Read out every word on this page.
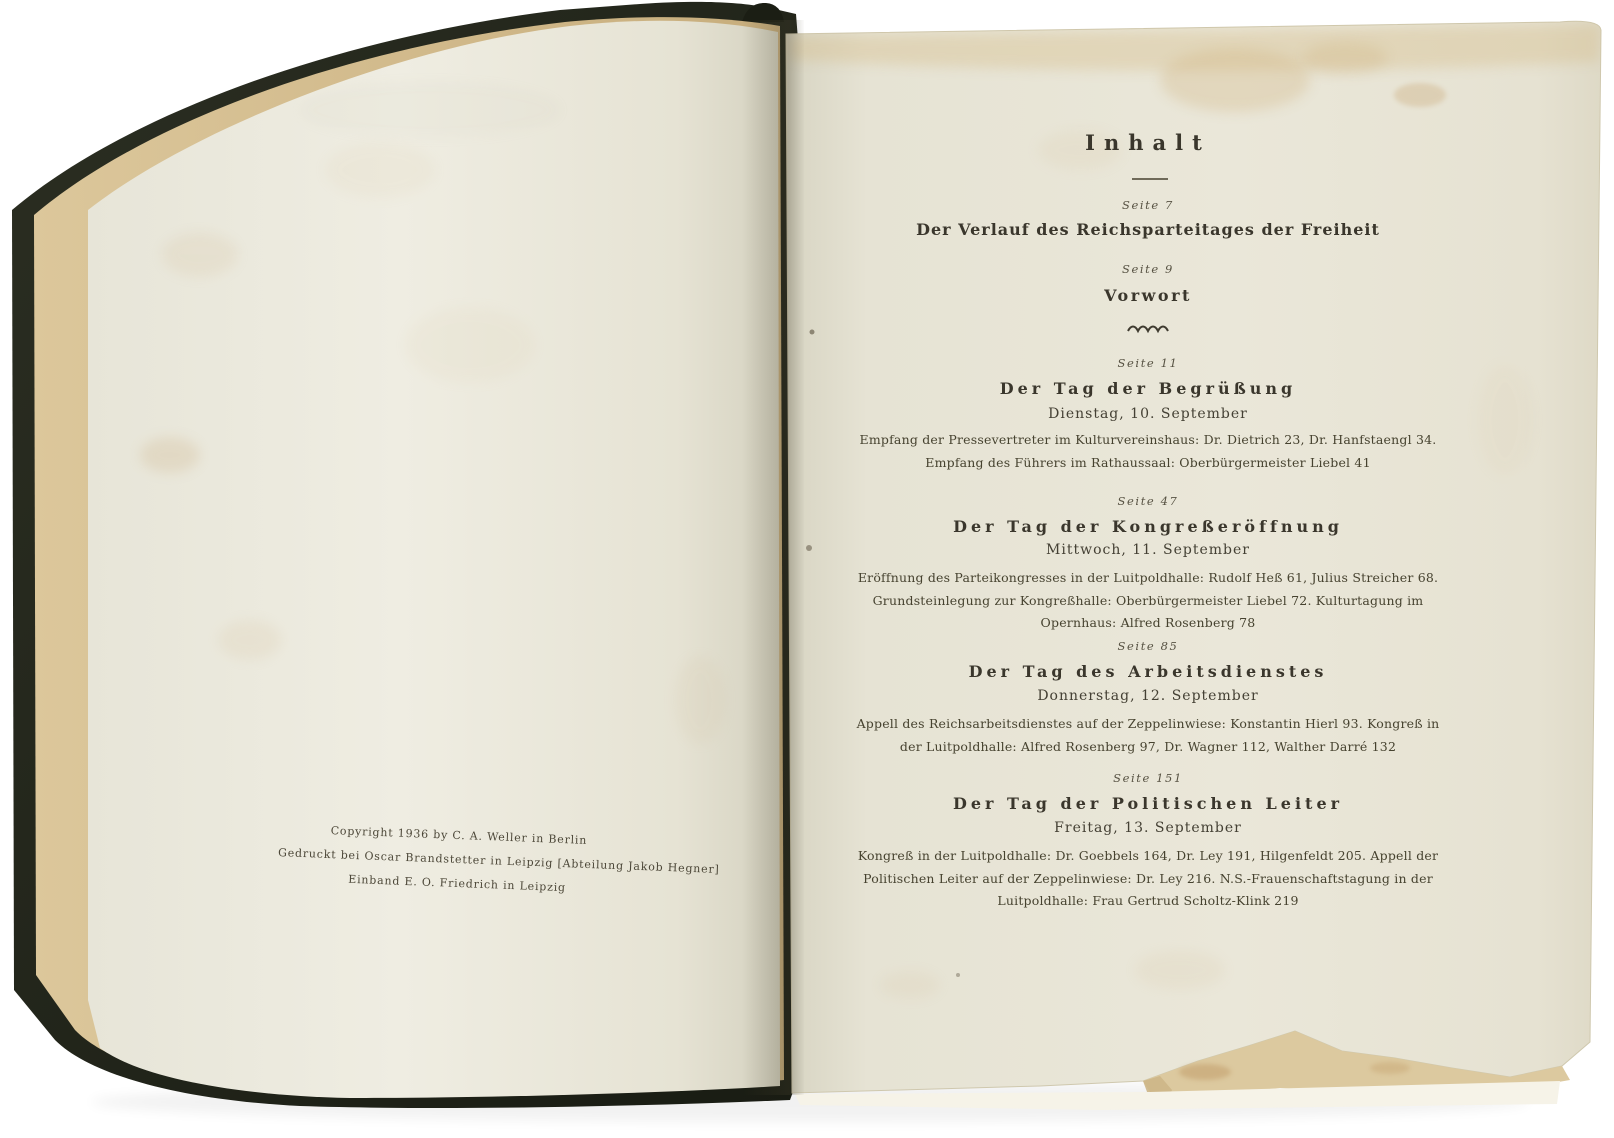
Copyright 1936 by C. A. Weller in Berlin
Gedruckt bei Oscar Brandstetter in Leipzig [Abteilung Jakob Hegner]
Einband E. O. Friedrich in Leipzig
Inhalt
Seite 7
Der Verlauf des Reichsparteitages der Freiheit
Seite 9
Vorwort
Seite 11
Der Tag der Begrüßung
Dienstag, 10. September
Empfang der Pressevertreter im Kulturvereinshaus: Dr. Dietrich 23, Dr. Hanfstaengl 34. Empfang des Führers im Rathaussaal: Oberbürgermeister Liebel 41
Seite 47
Der Tag der Kongreßeröffnung
Mittwoch, 11. September
Eröffnung des Parteikongresses in der Luitpoldhalle: Rudolf Heß 61, Julius Streicher 68. Grundsteinlegung zur Kongreßhalle: Oberbürgermeister Liebel 72. Kulturtagung im Opernhaus: Alfred Rosenberg 78
Seite 85
Der Tag des Arbeitsdienstes
Donnerstag, 12. September
Appell des Reichsarbeitsdienstes auf der Zeppelinwiese: Konstantin Hierl 93. Kongreß in der Luitpoldhalle: Alfred Rosenberg 97, Dr. Wagner 112, Walther Darré 132
Seite 151
Der Tag der Politischen Leiter
Freitag, 13. September
Kongreß in der Luitpoldhalle: Dr. Goebbels 164, Dr. Ley 191, Hilgenfeldt 205. Appell der Politischen Leiter auf der Zeppelinwiese: Dr. Ley 216. N.S.-Frauenschaftstagung in der Luitpoldhalle: Frau Gertrud Scholtz-Klink 219
